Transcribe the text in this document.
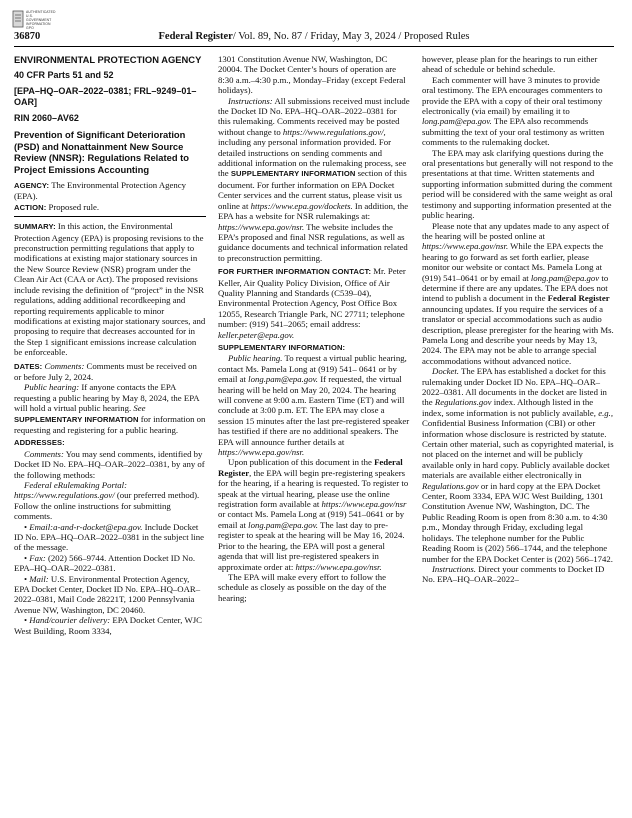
AUTHENTICATED U.S. GOVERNMENT INFORMATION GPO
36870	Federal Register/ Vol. 89, No. 87 / Friday, May 3, 2024 / Proposed Rules

ENVIRONMENTAL PROTECTION AGENCY

40 CFR Parts 51 and 52

[EPA–HQ–OAR–2022–0381; FRL–9249–01–

OAR]

RIN 2060–AV62

Prevention of Significant Deterioration (PSD) and Nonattainment New Source Review (NNSR): Regulations Related to Project Emissions Accounting

AGENCY: The Environmental Protection Agency (EPA).

ACTION: Proposed rule.

SUMMARY: In this action, the Environmental Protection Agency (EPA) is proposing revisions to the preconstruction permitting regulations that apply to modifications at existing major stationary sources in the New Source Review (NSR) program under the Clean Air Act (CAA or Act). The proposed revisions include revising the definition of “project” in the NSR regulations, adding additional recordkeeping and reporting requirements applicable to minor modifications at existing major stationary sources, and proposing to require that decreases accounted for in the Step 1 significant emissions increase calculation be enforceable.

DATES: Comments: Comments must be received on or before July 2, 2024.

Public hearing: If anyone contacts the EPA requesting a public hearing by May 8, 2024, the EPA will hold a virtual public hearing. See SUPPLEMENTARY INFORMATION for information on requesting and registering for a public hearing.

ADDRESSES:

Comments: You may send comments, identified by Docket ID No. EPA–HQ–OAR–2022–0381, by any of the following methods:

Federal eRulemaking Portal: https://www.regulations.gov/ (our preferred method). Follow the online instructions for submitting comments.

• Email:a-and-r-docket@epa.gov. Include Docket ID No. EPA–HQ–OAR–2022–0381 in the subject line of the message.

• Fax: (202) 566–9744. Attention Docket ID No. EPA–HQ–OAR–2022–0381.

• Mail: U.S. Environmental Protection Agency, EPA Docket Center, Docket ID No. EPA–HQ–OAR–2022–0381, Mail Code 28221T, 1200 Pennsylvania Avenue NW, Washington, DC 20460.

• Hand/courier delivery: EPA Docket Center, WJC West Building, Room 3334,

1301 Constitution Avenue NW, Washington, DC 20004. The Docket Center’s hours of operation are 8:30 a.m.–4:30 p.m., Monday–Friday (except Federal holidays).

Instructions: All submissions received must include the Docket ID No. EPA–HQ–OAR–2022–0381 for this rulemaking. Comments received may be posted without change to https://www.regulations.gov/, including any personal information provided. For detailed instructions on sending comments and additional information on the rulemaking process, see the SUPPLEMENTARY INFORMATION section of this document. For further information on EPA Docket Center services and the current status, please visit us online at https://www.epa.gov/dockets. In addition, the EPA has a website for NSR rulemakings at: https://www.epa.gov/nsr. The website includes the EPA’s proposed and final NSR regulations, as well as guidance documents and technical information related to preconstruction permitting.

FOR FURTHER INFORMATION CONTACT: Mr. Peter Keller, Air Quality Policy Division, Office of Air Quality Planning and Standards (C539–04), Environmental Protection Agency, Post Office Box 12055, Research Triangle Park, NC 27711; telephone number: (919) 541–2065; email address: keller.peter@epa.gov.

SUPPLEMENTARY INFORMATION:

Public hearing. To request a virtual public hearing, contact Ms. Pamela Long at (919) 541– 0641 or by email at long.pam@epa.gov. If requested, the virtual hearing will be held on May 20, 2024. The hearing will convene at 9:00 a.m. Eastern Time (ET) and will conclude at 3:00 p.m. ET. The EPA may close a session 15 minutes after the last pre-registered speaker has testified if there are no additional speakers. The EPA will announce further details at https://www.epa.gov/nsr.

Upon publication of this document in the Federal Register, the EPA will begin pre-registering speakers for the hearing, if a hearing is requested. To register to speak at the virtual hearing, please use the online registration form available at https://www.epa.gov/nsr or contact Ms. Pamela Long at (919) 541–0641 or by email at long.pam@epa.gov. The last day to pre-register to speak at the hearing will be May 16, 2024. Prior to the hearing, the EPA will post a general agenda that will list pre-registered speakers in approximate order at: https://www.epa.gov/nsr.

The EPA will make every effort to follow the schedule as closely as possible on the day of the hearing;

however, please plan for the hearings to run either ahead of schedule or behind schedule.

Each commenter will have 3 minutes to provide oral testimony. The EPA encourages commenters to provide the EPA with a copy of their oral testimony electronically (via email) by emailing it to long.pam@epa.gov. The EPA also recommends submitting the text of your oral testimony as written comments to the rulemaking docket.

The EPA may ask clarifying questions during the oral presentations but generally will not respond to the presentations at that time. Written statements and supporting information submitted during the comment period will be considered with the same weight as oral testimony and supporting information presented at the public hearing.

Please note that any updates made to any aspect of the hearing will be posted online at https://www.epa.gov/nsr. While the EPA expects the hearing to go forward as set forth earlier, please monitor our website or contact Ms. Pamela Long at (919) 541–0641 or by email at long.pam@epa.gov to determine if there are any updates. The EPA does not intend to publish a document in the Federal Register announcing updates. If you require the services of a translator or special accommodations such as audio description, please preregister for the hearing with Ms. Pamela Long and describe your needs by May 13, 2024. The EPA may not be able to arrange special accommodations without advanced notice.

Docket. The EPA has established a docket for this rulemaking under Docket ID No. EPA–HQ–OAR–2022–0381. All documents in the docket are listed in the Regulations.gov index. Although listed in the index, some information is not publicly available, e.g., Confidential Business Information (CBI) or other information whose disclosure is restricted by statute. Certain other material, such as copyrighted material, is not placed on the internet and will be publicly available only in hard copy. Publicly available docket materials are available either electronically in Regulations.gov or in hard copy at the EPA Docket Center, Room 3334, EPA WJC West Building, 1301 Constitution Avenue NW, Washington, DC. The Public Reading Room is open from 8:30 a.m. to 4:30 p.m., Monday through Friday, excluding legal holidays. The telephone number for the Public Reading Room is (202) 566–1744, and the telephone number for the EPA Docket Center is (202) 566–1742.

Instructions. Direct your comments to Docket ID No. EPA–HQ–OAR–2022–
